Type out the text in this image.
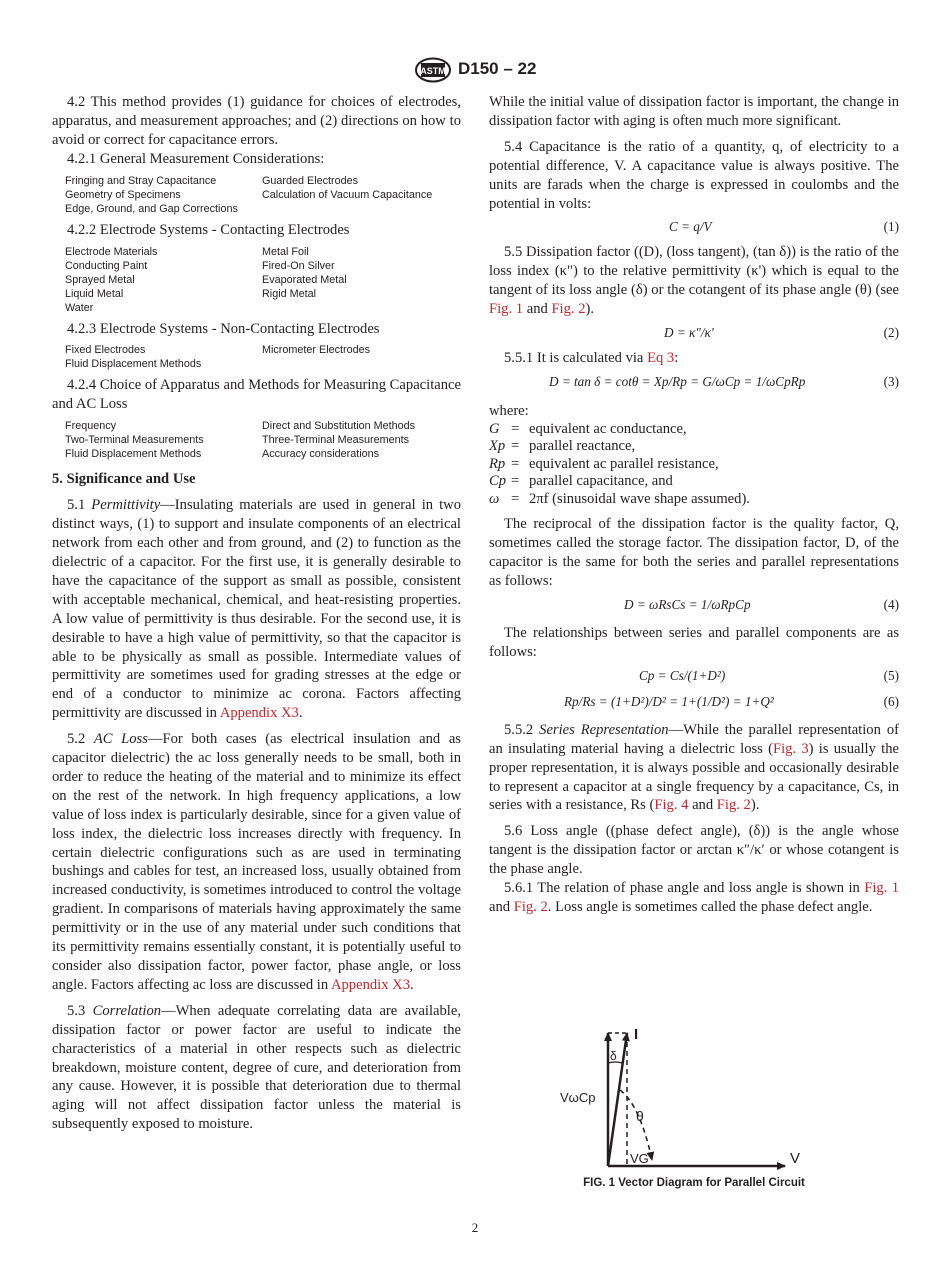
ASTM D150 – 22

4.2 This method provides (1) guidance for choices of electrodes, apparatus, and measurement approaches; and (2) directions on how to avoid or correct for capacitance errors.

4.2.1 General Measurement Considerations:

Fringing and Stray Capacitance	Guarded Electrodes
Geometry of Specimens	Calculation of Vacuum Capacitance
Edge, Ground, and Gap Corrections

4.2.2 Electrode Systems - Contacting Electrodes

Electrode Materials	Metal Foil
Conducting Paint	Fired-On Silver
Sprayed Metal	Evaporated Metal
Liquid Metal	Rigid Metal
Water

4.2.3 Electrode Systems - Non-Contacting Electrodes

Fixed Electrodes	Micrometer Electrodes
Fluid Displacement Methods

4.2.4 Choice of Apparatus and Methods for Measuring Capacitance and AC Loss

Frequency	Direct and Substitution Methods
Two-Terminal Measurements	Three-Terminal Measurements
Fluid Displacement Methods	Accuracy considerations
5. Significance and Use

5.1 Permittivity—Insulating materials are used in general in two distinct ways, (1) to support and insulate components of an electrical network from each other and from ground, and (2) to function as the dielectric of a capacitor. For the first use, it is generally desirable to have the capacitance of the support as small as possible, consistent with acceptable mechanical, chemical, and heat-resisting properties. A low value of permittivity is thus desirable. For the second use, it is desirable to have a high value of permittivity, so that the capacitor is able to be physically as small as possible. Intermediate values of permittivity are sometimes used for grading stresses at the edge or end of a conductor to minimize ac corona. Factors affecting permittivity are discussed in Appendix X3.

5.2 AC Loss—For both cases (as electrical insulation and as capacitor dielectric) the ac loss generally needs to be small, both in order to reduce the heating of the material and to minimize its effect on the rest of the network. In high frequency applications, a low value of loss index is particularly desirable, since for a given value of loss index, the dielectric loss increases directly with frequency. In certain dielectric configurations such as are used in terminating bushings and cables for test, an increased loss, usually obtained from increased conductivity, is sometimes introduced to control the voltage gradient. In comparisons of materials having approximately the same permittivity or in the use of any material under such conditions that its permittivity remains essentially constant, it is potentially useful to consider also dissipation factor, power factor, phase angle, or loss angle. Factors affecting ac loss are discussed in Appendix X3.

5.3 Correlation—When adequate correlating data are available, dissipation factor or power factor are useful to indicate the characteristics of a material in other respects such as dielectric breakdown, moisture content, degree of cure, and deterioration from any cause. However, it is possible that deterioration due to thermal aging will not affect dissipation factor unless the material is subsequently exposed to moisture.

While the initial value of dissipation factor is important, the change in dissipation factor with aging is often much more significant.

5.4 Capacitance is the ratio of a quantity, q, of electricity to a potential difference, V. A capacitance value is always positive. The units are farads when the charge is expressed in coulombs and the potential in volts:

C = q/V	(1)

5.5 Dissipation factor ((D), (loss tangent), (tan δ)) is the ratio of the loss index (κ") to the relative permittivity (κ') which is equal to the tangent of its loss angle (δ) or the cotangent of its phase angle (θ) (see Fig. 1 and Fig. 2).

D = κ"/κ'	(2)

5.5.1 It is calculated via Eq 3:

D = tan δ = cotθ = Xp/Rp = G/ωCp = 1/ωCpRp	(3)

where:

G = equivalent ac conductance,
Xp = parallel reactance,
Rp = equivalent ac parallel resistance,
Cp = parallel capacitance, and
ω = 2πf (sinusoidal wave shape assumed).

The reciprocal of the dissipation factor is the quality factor, Q, sometimes called the storage factor. The dissipation factor, D, of the capacitor is the same for both the series and parallel representations as follows:

D = ωRsCs = 1/ωRpCp	(4)

The relationships between series and parallel components are as follows:

Cp = Cs/(1+D²)	(5)
Rp/Rs = (1+D²)/D² = 1+(1/D²) = 1+Q²	(6)

5.5.2 Series Representation—While the parallel representation of an insulating material having a dielectric loss (Fig. 3) is usually the proper representation, it is always possible and occasionally desirable to represent a capacitor at a single frequency by a capacitance, Cs, in series with a resistance, Rs (Fig. 4 and Fig. 2).

5.6 Loss angle ((phase defect angle), (δ)) is the angle whose tangent is the dissipation factor or arctan κ″/κ′ or whose cotangent is the phase angle.

5.6.1 The relation of phase angle and loss angle is shown in Fig. 1 and Fig. 2. Loss angle is sometimes called the phase defect angle.

I
δ
VωCp
θ
VG	V
FIG. 1 Vector Diagram for Parallel Circuit
2
